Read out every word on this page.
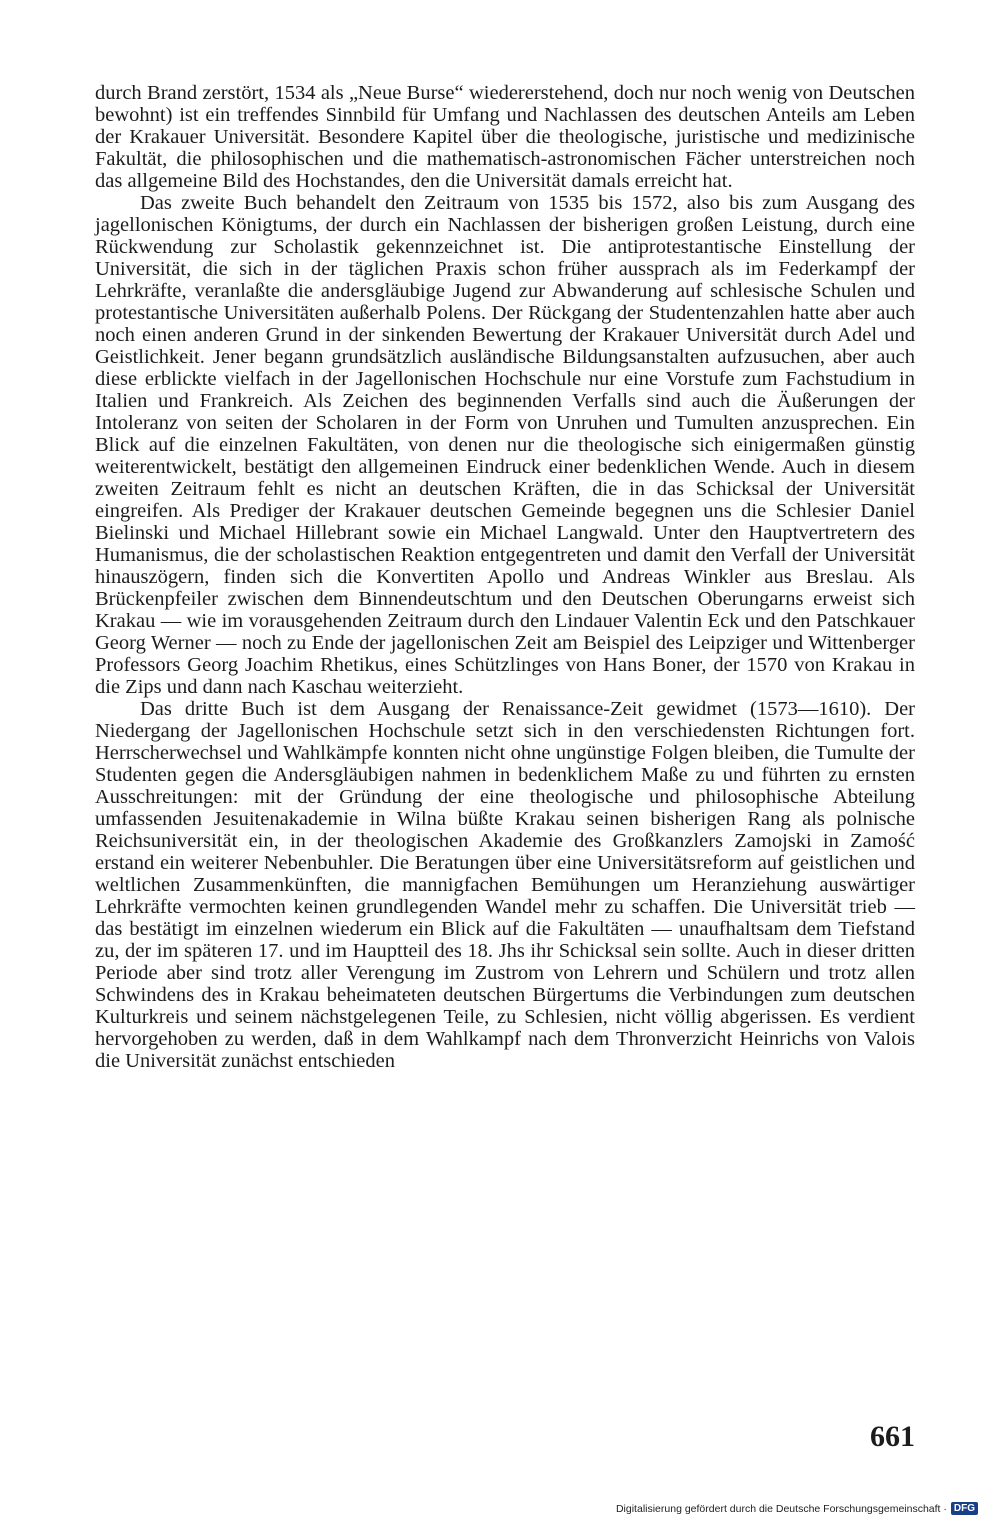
durch Brand zerstört, 1534 als „Neue Burse“ wiedererstehend, doch nur noch wenig von Deutschen bewohnt) ist ein treffendes Sinnbild für Umfang und Nachlassen des deutschen Anteils am Leben der Krakauer Universität. Besondere Kapitel über die theologische, juristische und medizinische Fakultät, die philosophischen und die mathematisch-astronomischen Fächer unterstreichen noch das allgemeine Bild des Hochstandes, den die Universität damals erreicht hat.

Das zweite Buch behandelt den Zeitraum von 1535 bis 1572, also bis zum Ausgang des jagellonischen Königtums, der durch ein Nachlassen der bisherigen großen Leistung, durch eine Rückwendung zur Scholastik gekennzeichnet ist. Die antiprotestantische Einstellung der Universität, die sich in der täglichen Praxis schon früher aussprach als im Federkampf der Lehrkräfte, veranlaßte die andersgläubige Jugend zur Abwanderung auf schlesische Schulen und protestantische Universitäten außerhalb Polens. Der Rückgang der Studentenzahlen hatte aber auch noch einen anderen Grund in der sinkenden Bewertung der Krakauer Universität durch Adel und Geistlichkeit. Jener begann grundsätzlich ausländische Bildungsanstalten aufzusuchen, aber auch diese erblickte vielfach in der Jagellonischen Hochschule nur eine Vorstufe zum Fachstudium in Italien und Frankreich. Als Zeichen des beginnenden Verfalls sind auch die Äußerungen der Intoleranz von seiten der Scholaren in der Form von Unruhen und Tumulten anzusprechen. Ein Blick auf die einzelnen Fakultäten, von denen nur die theologische sich einigermaßen günstig weiterentwickelt, bestätigt den allgemeinen Eindruck einer bedenklichen Wende. Auch in diesem zweiten Zeitraum fehlt es nicht an deutschen Kräften, die in das Schicksal der Universität eingreifen. Als Prediger der Krakauer deutschen Gemeinde begegnen uns die Schlesier Daniel Bielinski und Michael Hillebrant sowie ein Michael Langwald. Unter den Hauptvertretern des Humanismus, die der scholastischen Reaktion entgegentreten und damit den Verfall der Universität hinauszögern, finden sich die Konvertiten Apollo und Andreas Winkler aus Breslau. Als Brückenpfeiler zwischen dem Binnendeutschtum und den Deutschen Oberungarns erweist sich Krakau — wie im vorausgehenden Zeitraum durch den Lindauer Valentin Eck und den Patschkauer Georg Werner — noch zu Ende der jagellonischen Zeit am Beispiel des Leipziger und Wittenberger Professors Georg Joachim Rhetikus, eines Schützlinges von Hans Boner, der 1570 von Krakau in die Zips und dann nach Kaschau weiterzieht.

Das dritte Buch ist dem Ausgang der Renaissance-Zeit gewidmet (1573—1610). Der Niedergang der Jagellonischen Hochschule setzt sich in den verschiedensten Richtungen fort. Herrscherwechsel und Wahlkämpfe konnten nicht ohne ungünstige Folgen bleiben, die Tumulte der Studenten gegen die Andersgläubigen nahmen in bedenklichem Maße zu und führten zu ernsten Ausschreitungen: mit der Gründung der eine theologische und philosophische Abteilung umfassenden Jesuitenakademie in Wilna büßte Krakau seinen bisherigen Rang als polnische Reichsuniversität ein, in der theologischen Akademie des Großkanzlers Zamojski in Zamość erstand ein weiterer Nebenbuhler. Die Beratungen über eine Universitätsreform auf geistlichen und weltlichen Zusammenkünften, die mannigfachen Bemühungen um Heranziehung auswärtiger Lehrkräfte vermochten keinen grundlegenden Wandel mehr zu schaffen. Die Universität trieb — das bestätigt im einzelnen wiederum ein Blick auf die Fakultäten — unaufhaltsam dem Tiefstand zu, der im späteren 17. und im Hauptteil des 18. Jhs ihr Schicksal sein sollte. Auch in dieser dritten Periode aber sind trotz aller Verengung im Zustrom von Lehrern und Schülern und trotz allen Schwindens des in Krakau beheimateten deutschen Bürgertums die Verbindungen zum deutschen Kulturkreis und seinem nächstgelegenen Teile, zu Schlesien, nicht völlig abgerissen. Es verdient hervorgehoben zu werden, daß in dem Wahlkampf nach dem Thronverzicht Heinrichs von Valois die Universität zunächst entschieden

661
Digitalisierung gefördert durch die Deutsche Forschungsgemeinschaft · DFG
